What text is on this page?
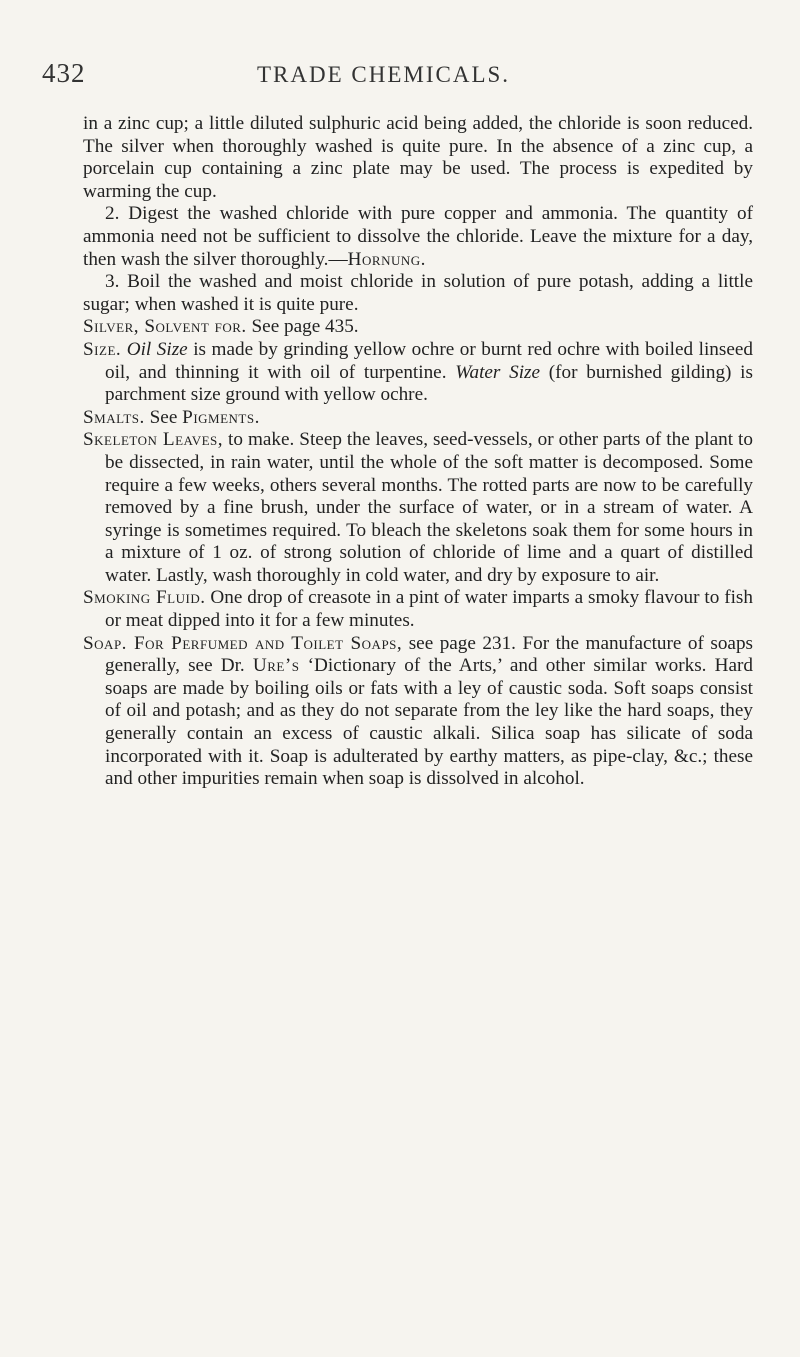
432	TRADE CHEMICALS.

in a zinc cup; a little diluted sulphuric acid being added, the chloride is soon reduced. The silver when thoroughly washed is quite pure. In the absence of a zinc cup, a porcelain cup containing a zinc plate may be used. The process is expedited by warming the cup.

2. Digest the washed chloride with pure copper and ammonia. The quantity of ammonia need not be sufficient to dissolve the chloride. Leave the mixture for a day, then wash the silver thoroughly.—Hornung.

3. Boil the washed and moist chloride in solution of pure potash, adding a little sugar; when washed it is quite pure.

Silver, Solvent for. See page 435.

Size. Oil Size is made by grinding yellow ochre or burnt red ochre with boiled linseed oil, and thinning it with oil of turpentine. Water Size (for burnished gilding) is parchment size ground with yellow ochre.

Smalts. See Pigments.

Skeleton Leaves, to make. Steep the leaves, seed-vessels, or other parts of the plant to be dissected, in rain water, until the whole of the soft matter is decomposed. Some require a few weeks, others several months. The rotted parts are now to be carefully removed by a fine brush, under the surface of water, or in a stream of water. A syringe is sometimes required. To bleach the skeletons soak them for some hours in a mixture of 1 oz. of strong solution of chloride of lime and a quart of distilled water. Lastly, wash thoroughly in cold water, and dry by exposure to air.

Smoking Fluid. One drop of creasote in a pint of water imparts a smoky flavour to fish or meat dipped into it for a few minutes.

Soap. For Perfumed and Toilet Soaps, see page 231. For the manufacture of soaps generally, see Dr. Ure’s ‘Dictionary of the Arts,’ and other similar works. Hard soaps are made by boiling oils or fats with a ley of caustic soda. Soft soaps consist of oil and potash; and as they do not separate from the ley like the hard soaps, they generally contain an excess of caustic alkali. Silica soap has silicate of soda incorporated with it. Soap is adulterated by earthy matters, as pipe-clay, &c.; these and other impurities remain when soap is dissolved in alcohol.
